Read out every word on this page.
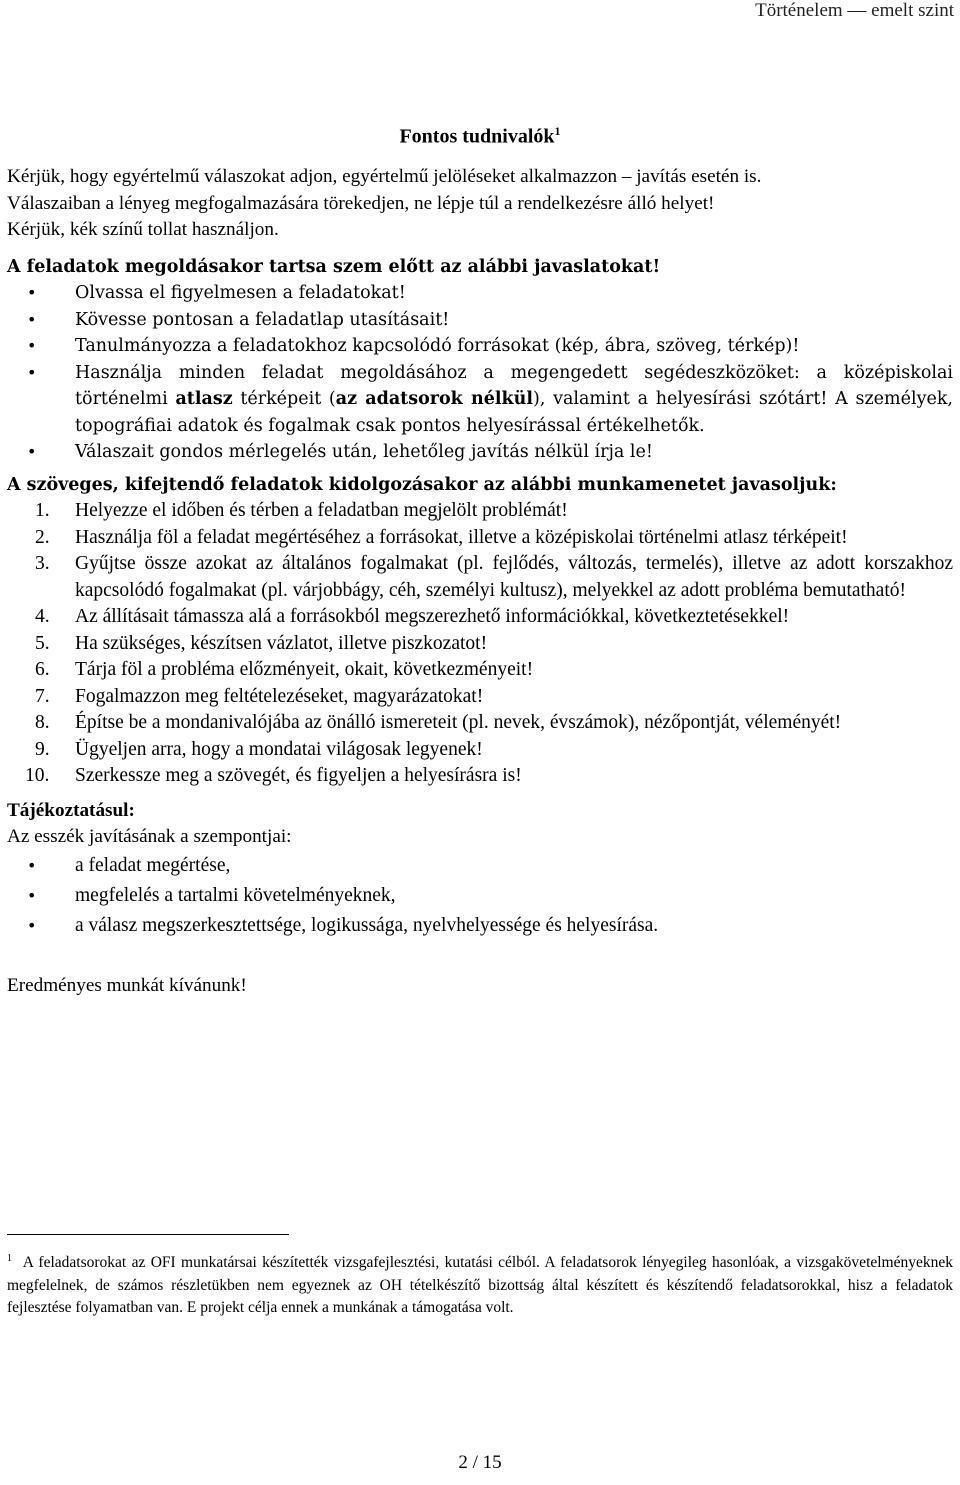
Történelem — emelt szint

Fontos tudnivalók$^1$

Kérjük, hogy egyértelmű válaszokat adjon, egyértelmű jelöléseket alkalmazzon – javítás esetén is.

Válaszaiban a lényeg megfogalmazására törekedjen, ne lépje túl a rendelkezésre álló helyet!

Kérjük, kék színű tollat használjon.

A feladatok megoldásakor tartsa szem előtt az alábbi javaslatokat!

• Olvassa el figyelmesen a feladatokat!
• Kövesse pontosan a feladatlap utasításait!
• Tanulmányozza a feladatokhoz kapcsolódó forrásokat (kép, ábra, szöveg, térkép)!
• Használja minden feladat megoldásához a megengedett segédeszközöket: a középiskolai történelmi atlasz térképeit (az adatsorok nélkül), valamint a helyesírási szótárt! A személyek, topográfiai adatok és fogalmak csak pontos helyesírással értékelhetők.
• Válaszait gondos mérlegelés után, lehetőleg javítás nélkül írja le!

A szöveges, kifejtendő feladatok kidolgozásakor az alábbi munkamenetet javasoljuk:

1.	Helyezze el időben és térben a feladatban megjelölt problémát!
2.	Használja föl a feladat megértéséhez a forrásokat, illetve a középiskolai történelmi atlasz térképeit!
3.	Gyűjtse össze azokat az általános fogalmakat (pl. fejlődés, változás, termelés), illetve az adott korszakhoz kapcsolódó fogalmakat (pl. várjobbágy, céh, személyi kultusz), melyekkel az adott probléma bemutatható!
4.	Az állításait támassza alá a forrásokból megszerezhető információkkal, következtetésekkel!
5.	Ha szükséges, készítsen vázlatot, illetve piszkozatot!
6.	Tárja föl a probléma előzményeit, okait, következményeit!
7.	Fogalmazzon meg feltételezéseket, magyarázatokat!
8.	Építse be a mondanivalójába az önálló ismereteit (pl. nevek, évszámok), nézőpontját, véleményét!
9.	Ügyeljen arra, hogy a mondatai világosak legyenek!
10.	Szerkessze meg a szövegét, és figyeljen a helyesírásra is!

Tájékoztatásul:

Az esszék javításának a szempontjai:

• a feladat megértése,
• megfelelés a tartalmi követelményeknek,
• a válasz megszerkesztettsége, logikussága, nyelvhelyessége és helyesírása.

Eredményes munkát kívánunk!

$^1$ A feladatsorokat az OFI munkatársai készítették vizsgafejlesztési, kutatási célból. A feladatsorok lényegileg hasonlóak, a vizsgakövetelményeknek megfelelnek, de számos részletükben nem egyeznek az OH tételkészítő bizottság által készített és készítendő feladatsorokkal, hisz a feladatok fejlesztése folyamatban van. E projekt célja ennek a munkának a támogatása volt.
2 / 15
